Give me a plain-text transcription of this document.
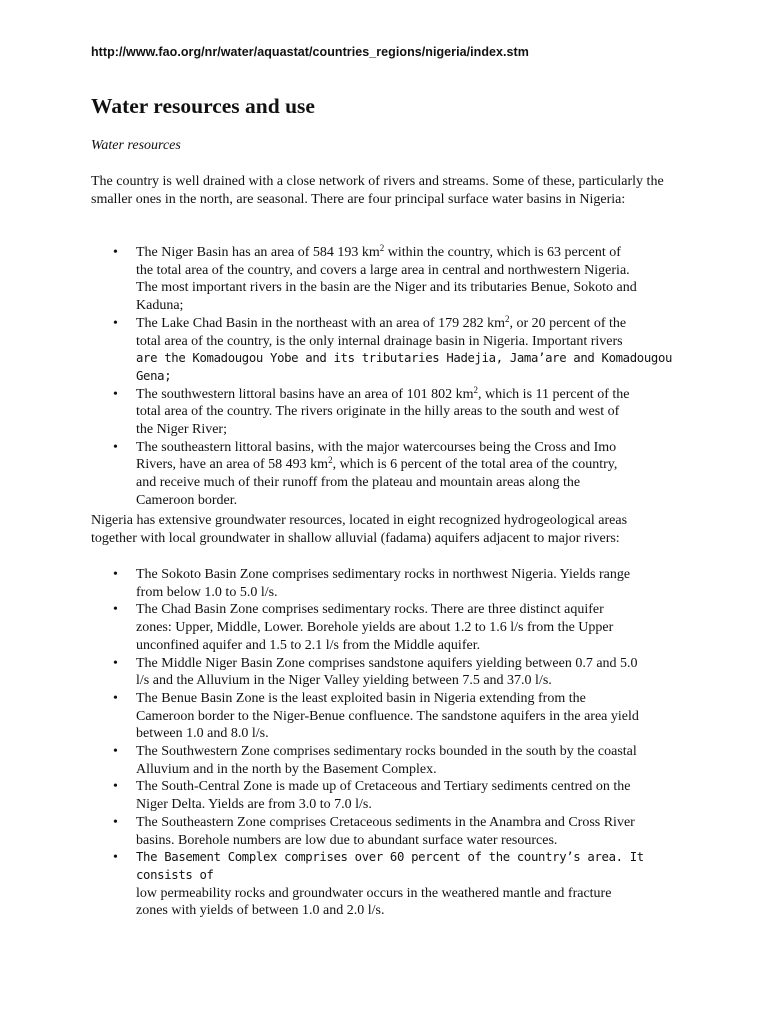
http://www.fao.org/nr/water/aquastat/countries_regions/nigeria/index.stm
Water resources and use

Water resources

The country is well drained with a close network of rivers and streams. Some of these, particularly the smaller ones in the north, are seasonal. There are four principal surface water basins in Nigeria:

• The Niger Basin has an area of 584 193 $km^2$ within the country, which is 63 percent of
the total area of the country, and covers a large area in central and northwestern Nigeria.
The most important rivers in the basin are the Niger and its tributaries Benue, Sokoto and
Kaduna;
• The Lake Chad Basin in the northeast with an area of 179 282 $km^2$, or 20 percent of the
total area of the country, is the only internal drainage basin in Nigeria. Important rivers
are the Komadougou Yobe and its tributaries Hadejia, Jama’are and Komadougou Gena;
• The southwestern littoral basins have an area of 101 802 $km^2$, which is 11 percent of the
total area of the country. The rivers originate in the hilly areas to the south and west of
the Niger River;
• The southeastern littoral basins, with the major watercourses being the Cross and Imo
Rivers, have an area of 58 493 $km^2$, which is 6 percent of the total area of the country,
and receive much of their runoff from the plateau and mountain areas along the
Cameroon border.

Nigeria has extensive groundwater resources, located in eight recognized hydrogeological areas together with local groundwater in shallow alluvial (fadama) aquifers adjacent to major rivers:

• The Sokoto Basin Zone comprises sedimentary rocks in northwest Nigeria. Yields range
from below 1.0 to 5.0 l/s.
• The Chad Basin Zone comprises sedimentary rocks. There are three distinct aquifer
zones: Upper, Middle, Lower. Borehole yields are about 1.2 to 1.6 l/s from the Upper
unconfined aquifer and 1.5 to 2.1 l/s from the Middle aquifer.
• The Middle Niger Basin Zone comprises sandstone aquifers yielding between 0.7 and 5.0
l/s and the Alluvium in the Niger Valley yielding between 7.5 and 37.0 l/s.
• The Benue Basin Zone is the least exploited basin in Nigeria extending from the
Cameroon border to the Niger-Benue confluence. The sandstone aquifers in the area yield
between 1.0 and 8.0 l/s.
• The Southwestern Zone comprises sedimentary rocks bounded in the south by the coastal
Alluvium and in the north by the Basement Complex.
• The South-Central Zone is made up of Cretaceous and Tertiary sediments centred on the
Niger Delta. Yields are from 3.0 to 7.0 l/s.
• The Southeastern Zone comprises Cretaceous sediments in the Anambra and Cross River
basins. Borehole numbers are low due to abundant surface water resources.
• The Basement Complex comprises over 60 percent of the country’s area. It consists of
low permeability rocks and groundwater occurs in the weathered mantle and fracture
zones with yields of between 1.0 and 2.0 l/s.
